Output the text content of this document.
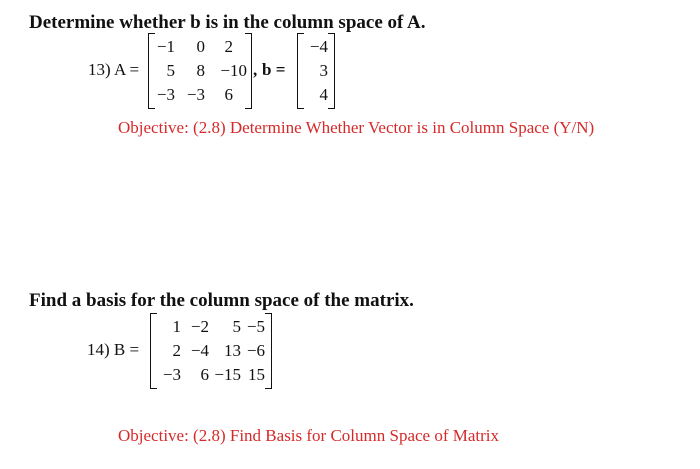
Determine whether b is in the column space of A.
13) A =
−1 0 2
5 8 −10
−3 −3 6
, b =
−4
3
4
Objective: (2.8) Determine Whether Vector is in Column Space (Y/N)
Find a basis for the column space of the matrix.
14) B =
1 −2 5 −5
2 −4 13 −6
−3 6 −15 15
Objective: (2.8) Find Basis for Column Space of Matrix
